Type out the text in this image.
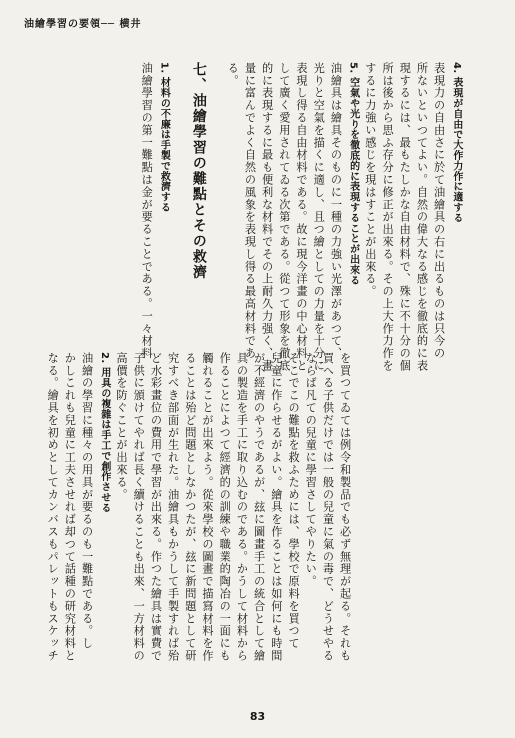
油繪學習の要領── 横井
4. 表現が自由で大作力作に適する
表現力の自由さに於て油繪具の右に出るものは只今の
所ないといつてよい。自然の偉大なる感じを徹底的に表
現するには、最もたしかな自由材料で、殊に不十分の個
所は後から思ふ存分に修正が出來る。その上大作力作を
するに力強い感じを現はすことが出來る。
5. 空氣や光りを徹底的に表現することが出來る
油繪具は繪具そのものに一種の力強い光澤があつて、
光りと空氣を描くに適し、且つ繪としての力量を十分に
表現し得る自由材料である。故に現今洋畫の中心材料と
して廣く愛用されてゐる次第である。從つて形象を徹底
的に表現するに最も便利な材料でその上耐久力强く、畫
量に富んでよく自然の風象を表現し得る最高材料であ
る。
七、油繪學習の難點とその救濟
1. 材料の不廉は手製で救濟する
油繪學習の第一難點は金が要ることである。一々材料
を買つてゐては例令和製品でも必ず無理が起る。それも
買へる子供だけでは一般の兒童に氣の毒で、どうせやる
ならば凡ての兒童に學習さしてやりたい。
そこでこの難點を救ふためには、學校で原料を買つて
兒童に作らせるがよい。繪具を作ることは如何にも時間
が不經濟のやうであるが、玆に圖畫手工の統合として繪
具の製造を手工に取り込むのである。かうして材料から
作ることによつて經濟的の訓練や職業的陶冶の一面にも
觸れることが出來よう。從來學校の圖畫で描寫材料を作
ることは殆ど問題としなかつたが、玆に新問題として研
究すべき部面が生れた。油繪具もかうして手製すれば殆
ど水彩畫位の費用で學習が出來る。作つた繪具は實費で
子供に頒けてやれば長く續けることも出來、一方材料の
高價を防ぐことが出來る。
2. 用具の複雜は手工で創作させる
油繪の學習に種々の用具が要るのも一難點である。し
かしこれも兒童に工夫させれば却つて話種の研究材料と
なる。繪具を初めとしてカンバスもパレットもスケッチ
83
